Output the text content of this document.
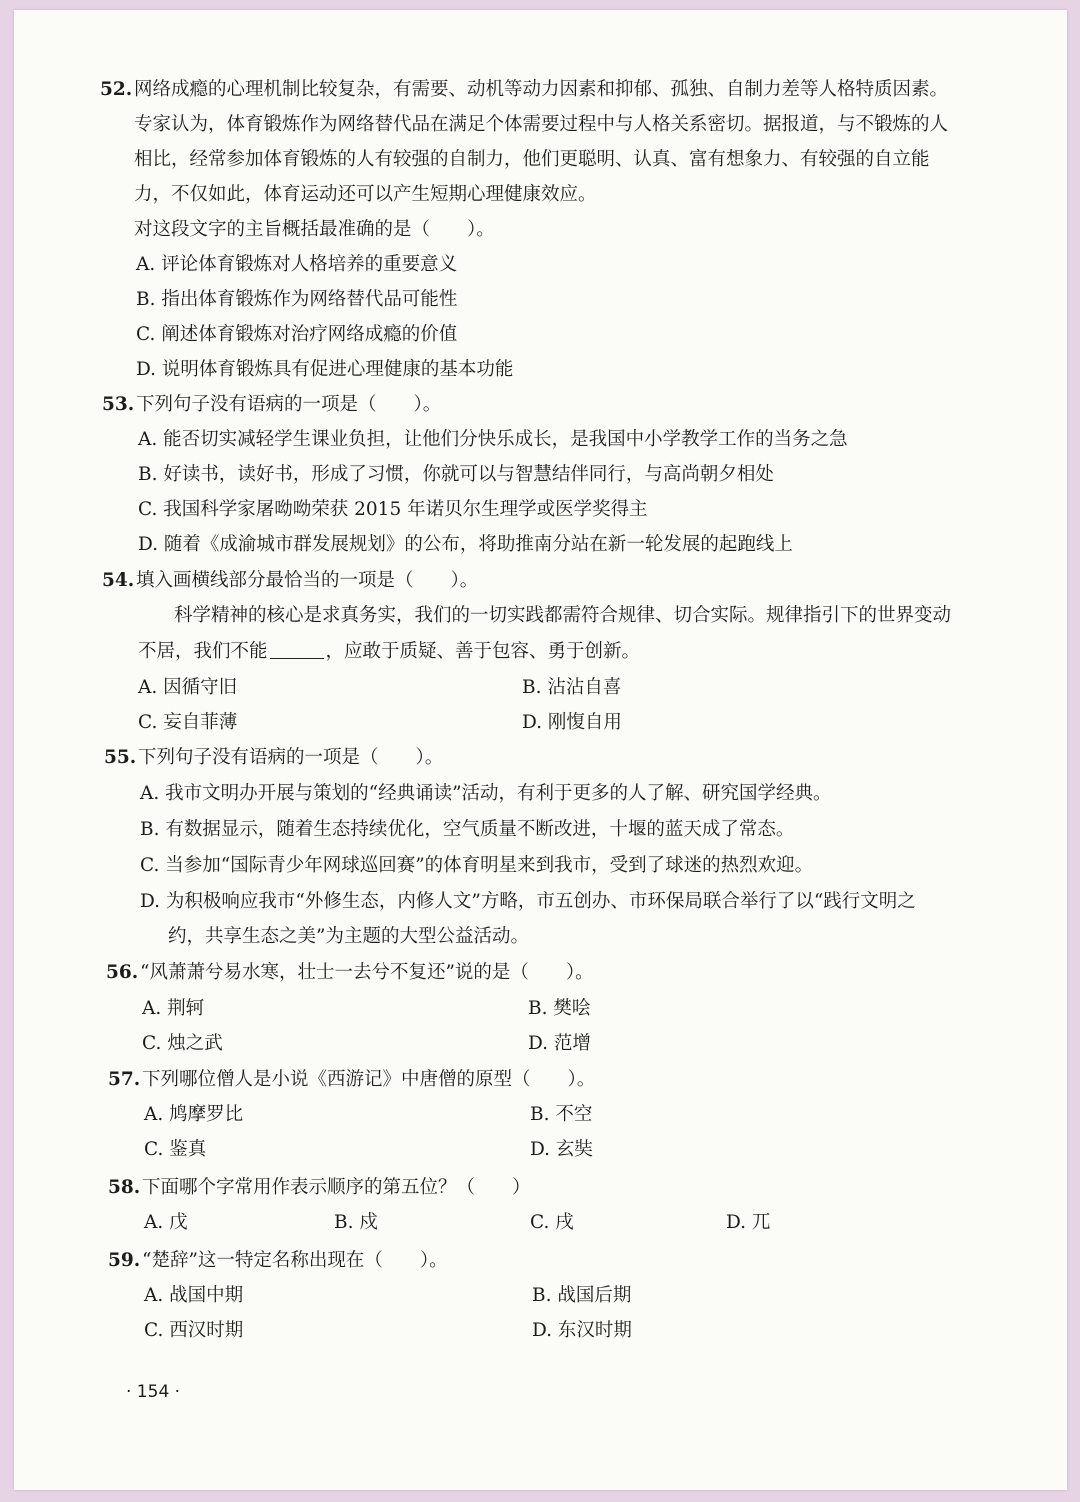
52. 网络成瘾的心理机制比较复杂，有需要、动机等动力因素和抑郁、孤独、自制力差等人格特质因素。
专家认为，体育锻炼作为网络替代品在满足个体需要过程中与人格关系密切。据报道，与不锻炼的人
相比，经常参加体育锻炼的人有较强的自制力，他们更聪明、认真、富有想象力、有较强的自立能
力，不仅如此，体育运动还可以产生短期心理健康效应。
对这段文字的主旨概括最准确的是（　　）。
A. 评论体育锻炼对人格培养的重要意义
B. 指出体育锻炼作为网络替代品可能性
C. 阐述体育锻炼对治疗网络成瘾的价值
D. 说明体育锻炼具有促进心理健康的基本功能
53. 下列句子没有语病的一项是（　　）。
A. 能否切实减轻学生课业负担，让他们分快乐成长，是我国中小学教学工作的当务之急
B. 好读书，读好书，形成了习惯，你就可以与智慧结伴同行，与高尚朝夕相处
C. 我国科学家屠呦呦荣获 2015 年诺贝尔生理学或医学奖得主
D. 随着《成渝城市群发展规划》的公布，将助推南分站在新一轮发展的起跑线上
54. 填入画横线部分最恰当的一项是（　　）。
科学精神的核心是求真务实，我们的一切实践都需符合规律、切合实际。规律指引下的世界变动
不居，我们不能	，应敢于质疑、善于包容、勇于创新。
A. 因循守旧	B. 沾沾自喜
C. 妄自菲薄	D. 刚愎自用
55. 下列句子没有语病的一项是（　　）。
A. 我市文明办开展与策划的“经典诵读”活动，有利于更多的人了解、研究国学经典。
B. 有数据显示，随着生态持续优化，空气质量不断改进，十堰的蓝天成了常态。
C. 当参加“国际青少年网球巡回赛”的体育明星来到我市，受到了球迷的热烈欢迎。
D. 为积极响应我市“外修生态，内修人文”方略，市五创办、市环保局联合举行了以“践行文明之
约，共享生态之美”为主题的大型公益活动。
56. “风萧萧兮易水寒，壮士一去兮不复还”说的是（　　）。
A. 荆轲	B. 樊哙
C. 烛之武	D. 范增
57. 下列哪位僧人是小说《西游记》中唐僧的原型（　　）。
A. 鸠摩罗比	B. 不空
C. 鉴真	D. 玄奘
58. 下面哪个字常用作表示顺序的第五位？（　　）
A. 戊	B. 戍	C. 戌	D. 兀
59. “楚辞”这一特定名称出现在（　　）。
A. 战国中期	B. 战国后期
C. 西汉时期	D. 东汉时期
· 154 ·
